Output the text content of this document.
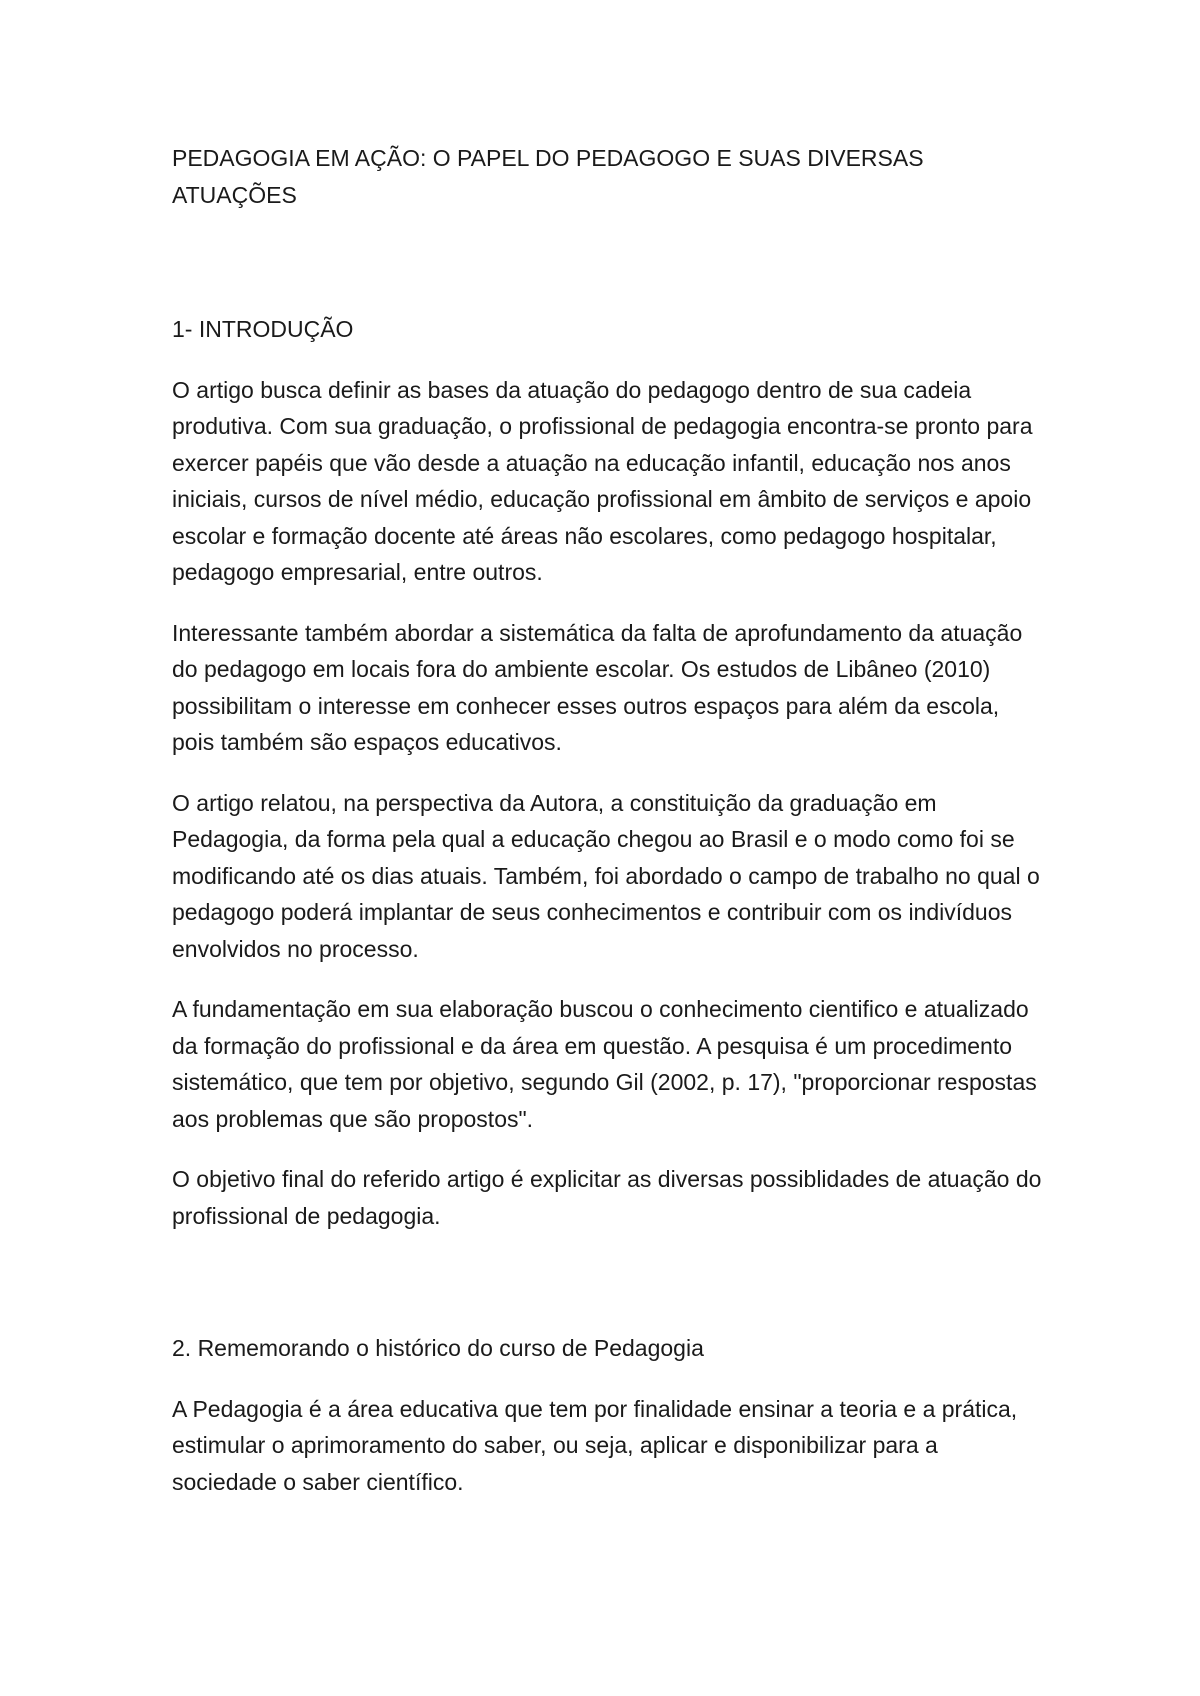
PEDAGOGIA EM AÇÃO: O PAPEL DO PEDAGOGO E SUAS DIVERSAS ATUAÇÕES
1- INTRODUÇÃO

O artigo busca definir as bases da atuação do pedagogo dentro de sua cadeia produtiva. Com sua graduação, o profissional de pedagogia encontra-se pronto para exercer papéis que vão desde a atuação na educação infantil, educação nos anos iniciais, cursos de nível médio, educação profissional em âmbito de serviços e apoio escolar e formação docente até áreas não escolares, como pedagogo hospitalar, pedagogo empresarial, entre outros.

Interessante também abordar a sistemática da falta de aprofundamento da atuação do pedagogo em locais fora do ambiente escolar. Os estudos de Libâneo (2010) possibilitam o interesse em conhecer esses outros espaços para além da escola, pois também são espaços educativos.

O artigo relatou, na perspectiva da Autora, a constituição da graduação em Pedagogia, da forma pela qual a educação chegou ao Brasil e o modo como foi se modificando até os dias atuais. Também, foi abordado o campo de trabalho no qual o pedagogo poderá implantar de seus conhecimentos e contribuir com os indivíduos envolvidos no processo.

A fundamentação em sua elaboração buscou o conhecimento cientifico e atualizado da formação do profissional e da área em questão. A pesquisa é um procedimento sistemático, que tem por objetivo, segundo Gil (2002, p. 17), "proporcionar respostas aos problemas que são propostos".

O objetivo final do referido artigo é explicitar as diversas possiblidades de atuação do profissional de pedagogia.

2. Rememorando o histórico do curso de Pedagogia

A Pedagogia é a área educativa que tem por finalidade ensinar a teoria e a prática, estimular o aprimoramento do saber, ou seja, aplicar e disponibilizar para a sociedade o saber científico.
